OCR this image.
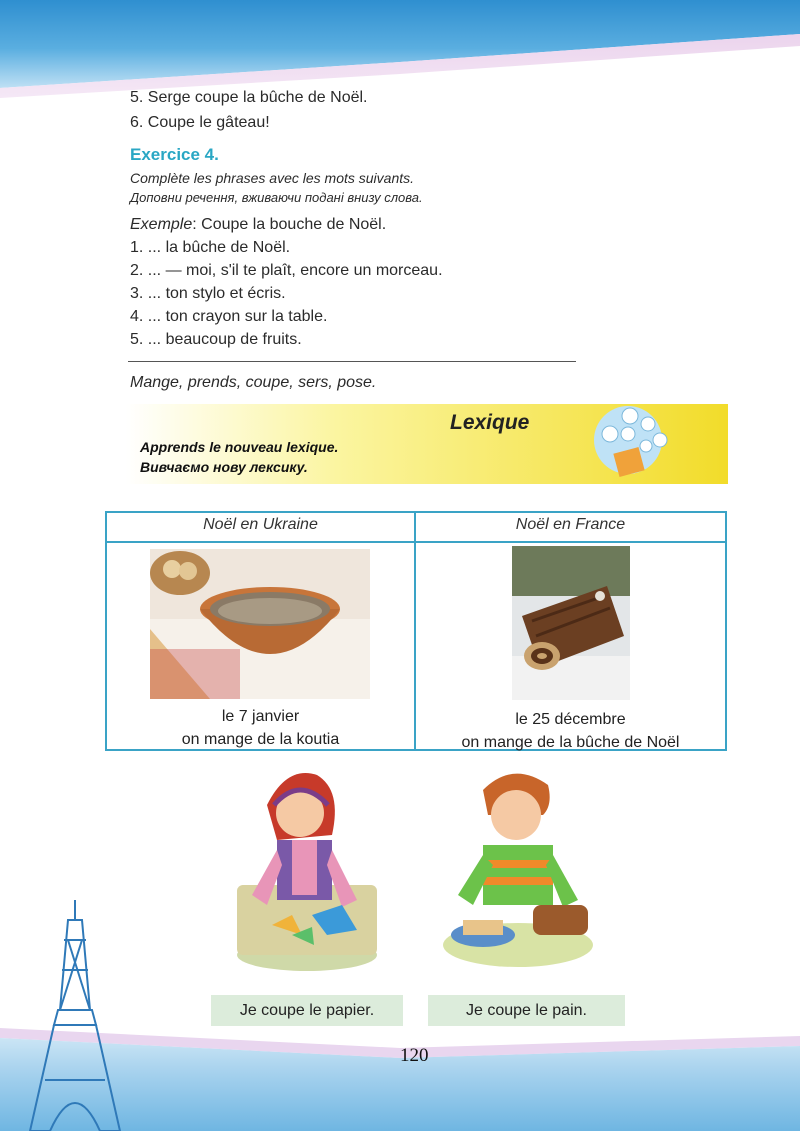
5. Serge coupe la bûche de Noël.
6. Coupe le gâteau!
Exercice 4.
Complète les phrases avec les mots suivants.
Доповни речення, вживаючи подані внизу слова.
Exemple: Coupe la bouche de Noël.
1. ... la bûche de Noël.
2. ... — moi, s'il te plaît, encore un morceau.
3. ... ton stylo et écris.
4. ... ton crayon sur la table.
5. ... beaucoup de fruits.
Mange, prends, coupe, sers, pose.
Lexique
Apprends le nouveau lexique.
Вивчаємо нову лексику.
Noël en Ukraine	Noël en France
le 7 janvier
on mange de la koutia
le 25 décembre
on mange de la bûche de Noël
Je coupe le papier.	Je coupe le pain.
120
